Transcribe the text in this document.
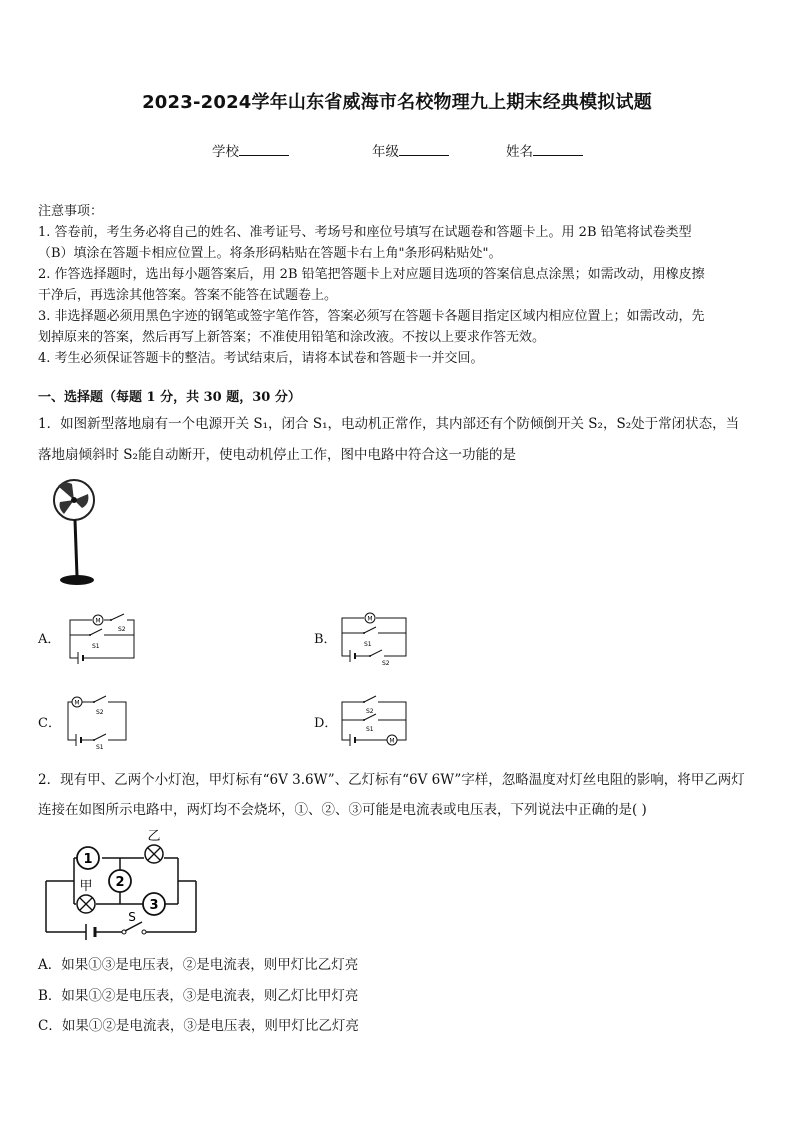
2023-2024学年山东省威海市名校物理九上期末经典模拟试题
学校	年级	姓名
注意事项：
1. 答卷前，考生务必将自己的姓名、准考证号、考场号和座位号填写在试题卷和答题卡上。用 2B 铅笔将试卷类型
（B）填涂在答题卡相应位置上。将条形码粘贴在答题卡右上角"条形码粘贴处"。
2. 作答选择题时，选出每小题答案后，用 2B 铅笔把答题卡上对应题目选项的答案信息点涂黑；如需改动，用橡皮擦
干净后，再选涂其他答案。答案不能答在试题卷上。
3. 非选择题必须用黑色字迹的钢笔或签字笔作答，答案必须写在答题卡各题目指定区域内相应位置上；如需改动，先
划掉原来的答案，然后再写上新答案；不准使用铅笔和涂改液。不按以上要求作答无效。
4. 考生必须保证答题卡的整洁。考试结束后，请将本试卷和答题卡一并交回。
一、选择题（每题 1 分，共 30 题，30 分）
1．如图新型落地扇有一个电源开关 S₁，闭合 S₁，电动机正常作，其内部还有个防倾倒开关 S₂，S₂处于常闭状态，当
落地扇倾斜时 S₂能自动断开，使电动机停止工作，图中电路中符合这一功能的是
A．
M
S2
S1	B．
M
S1
S2
C．
M
S2
S1
D．
S2
S1
M
2．现有甲、乙两个小灯泡，甲灯标有“6V 3.6W”、乙灯标有“6V 6W”字样，忽略温度对灯丝电阻的影响，将甲乙两灯
连接在如图所示电路中，两灯均不会烧坏，①、②、③可能是电流表或电压表，下列说法中正确的是( )
1
乙
2
甲
3
S
A．如果①③是电压表，②是电流表，则甲灯比乙灯亮
B．如果①②是电压表，③是电流表，则乙灯比甲灯亮
C．如果①②是电流表，③是电压表，则甲灯比乙灯亮
